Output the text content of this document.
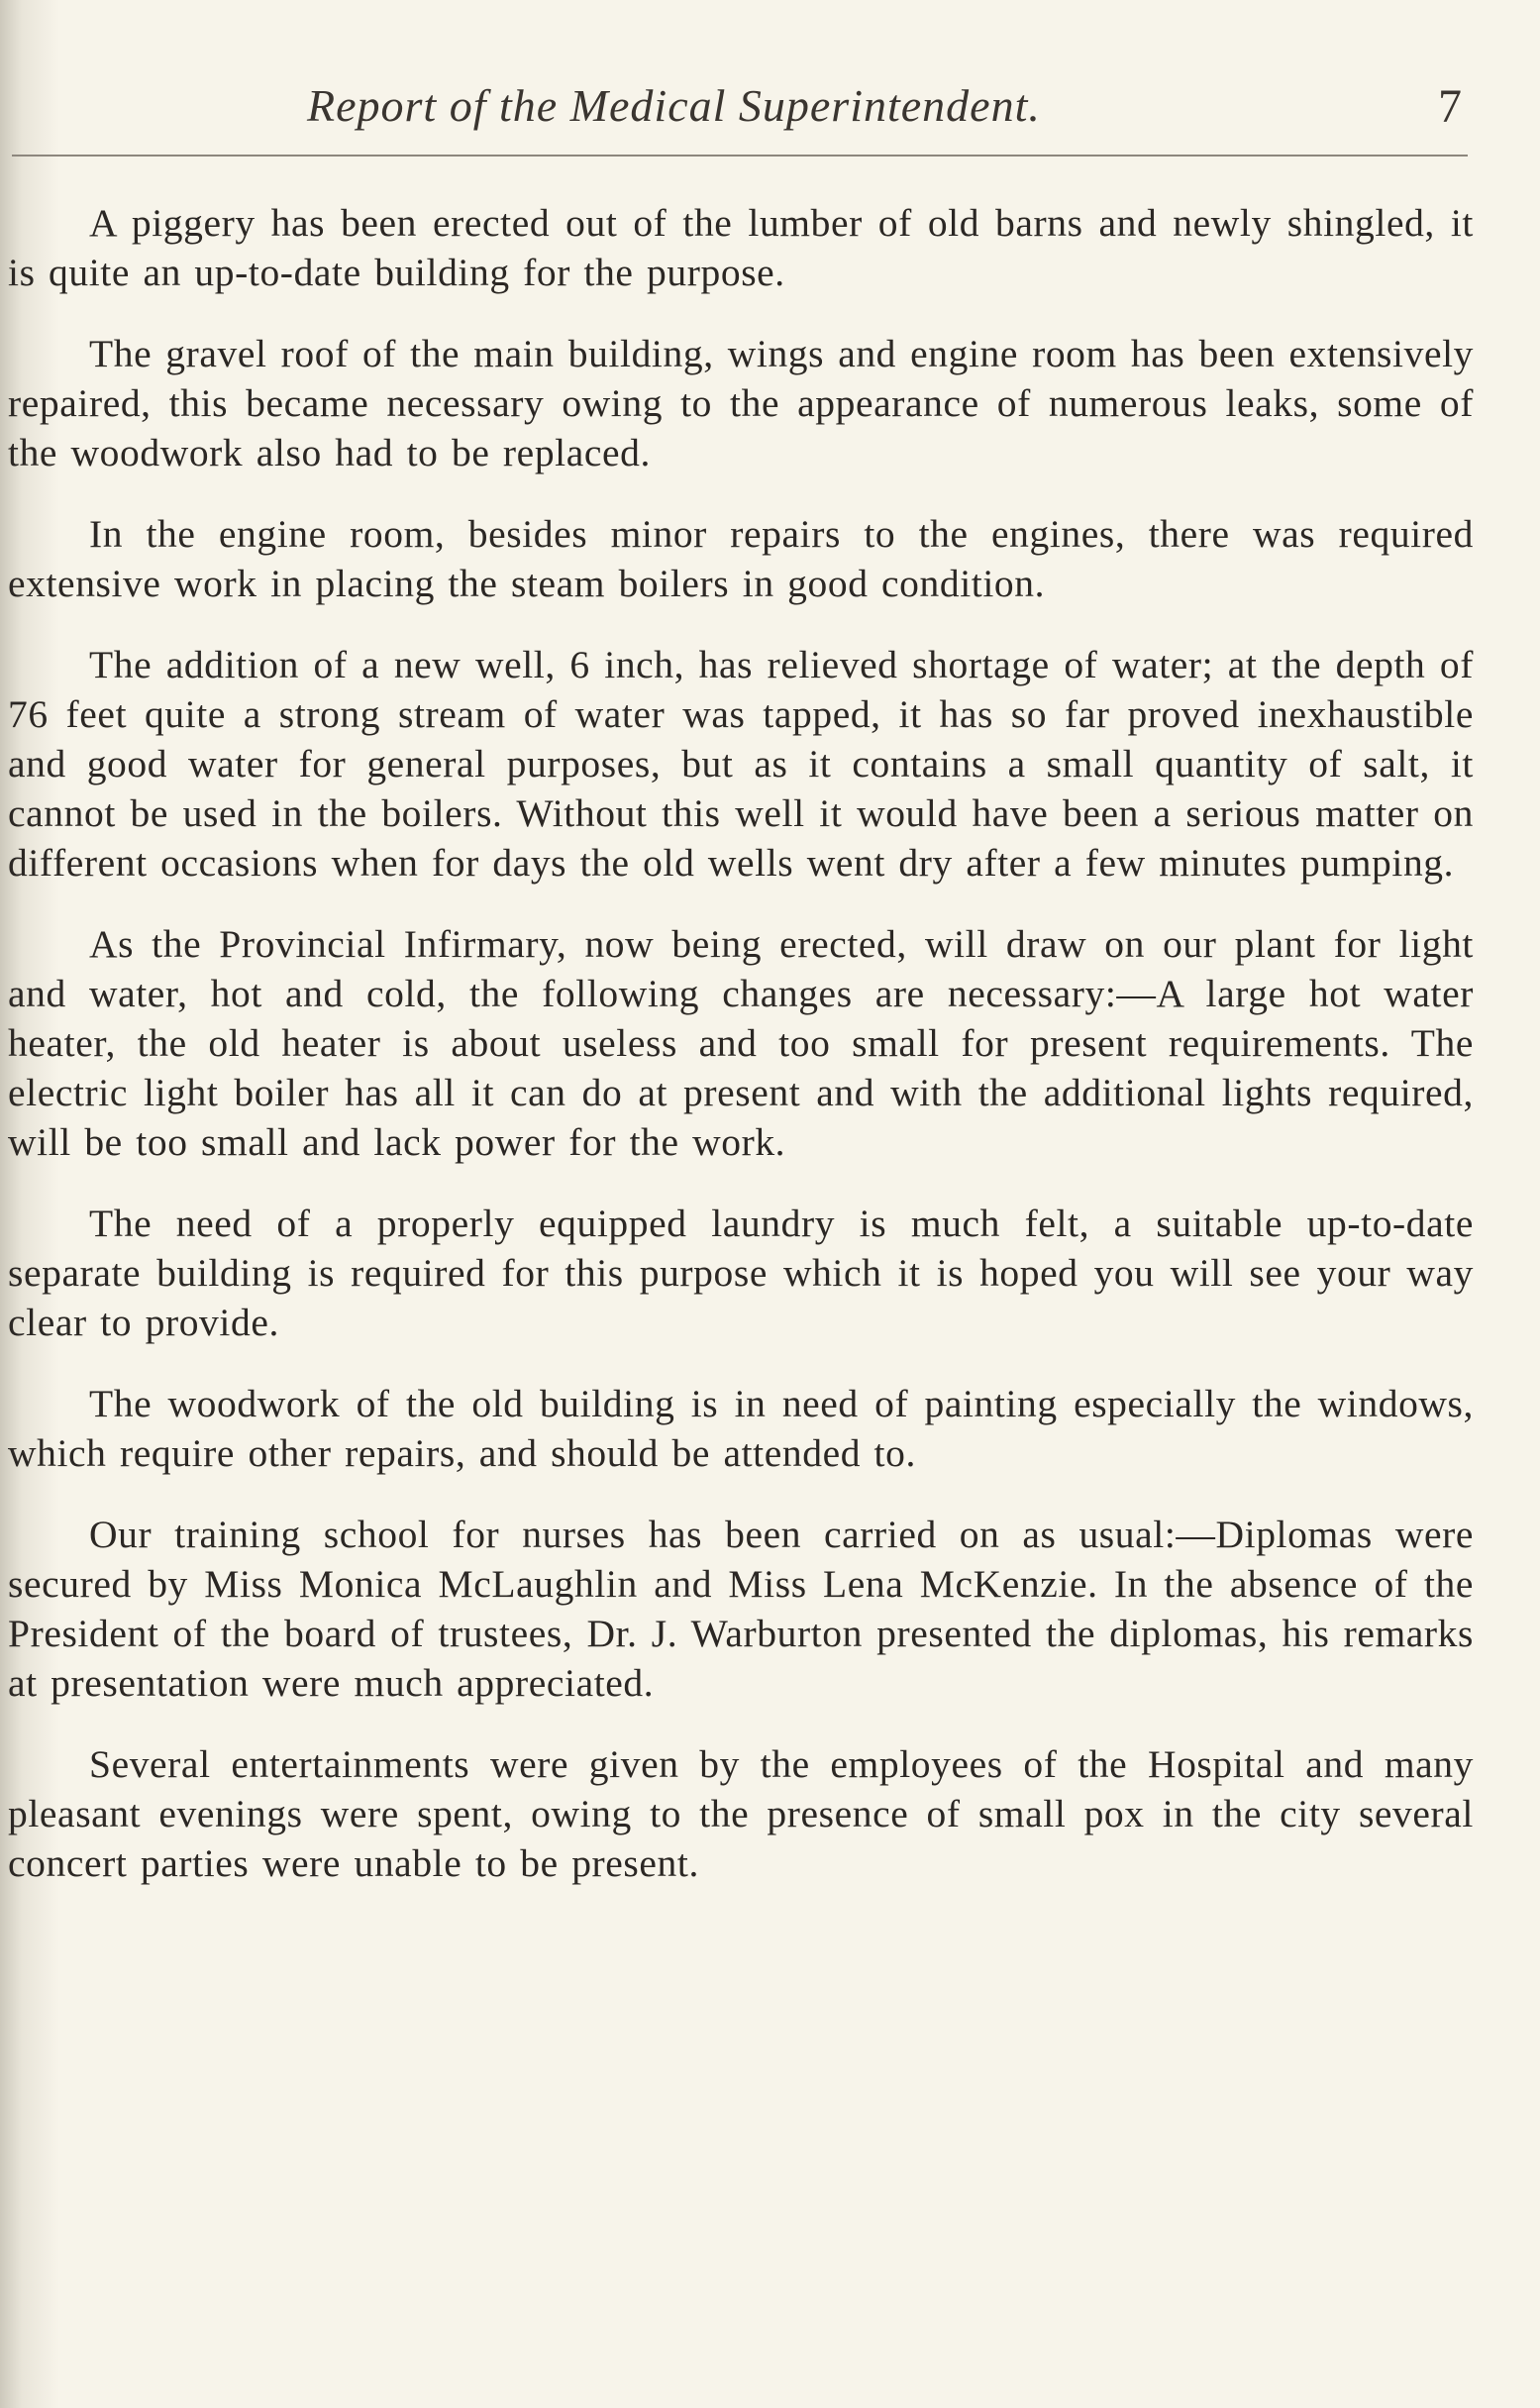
Report of the Medical Superintendent.	7

A piggery has been erected out of the lumber of old barns and newly shingled, it is quite an up-to-date building for the purpose.

The gravel roof of the main building, wings and engine room has been extensively repaired, this became necessary owing to the appearance of numerous leaks, some of the woodwork also had to be replaced.

In the engine room, besides minor repairs to the engines, there was required extensive work in placing the steam boilers in good condition.

The addition of a new well, 6 inch, has relieved shortage of water; at the depth of 76 feet quite a strong stream of water was tapped, it has so far proved inexhaustible and good water for general purposes, but as it contains a small quantity of salt, it cannot be used in the boilers. Without this well it would have been a serious matter on different occasions when for days the old wells went dry after a few minutes pumping.

As the Provincial Infirmary, now being erected, will draw on our plant for light and water, hot and cold, the following changes are necessary:—A large hot water heater, the old heater is about useless and too small for present requirements. The electric light boiler has all it can do at present and with the additional lights required, will be too small and lack power for the work.

The need of a properly equipped laundry is much felt, a suitable up-to-date separate building is required for this purpose which it is hoped you will see your way clear to provide.

The woodwork of the old building is in need of painting especially the windows, which require other repairs, and should be attended to.

Our training school for nurses has been carried on as usual:—Diplomas were secured by Miss Monica McLaughlin and Miss Lena McKenzie. In the absence of the President of the board of trustees, Dr. J. Warburton presented the diplomas, his remarks at presentation were much appreciated.

Several entertainments were given by the employees of the Hospital and many pleasant evenings were spent, owing to the presence of small pox in the city several concert parties were unable to be present.
